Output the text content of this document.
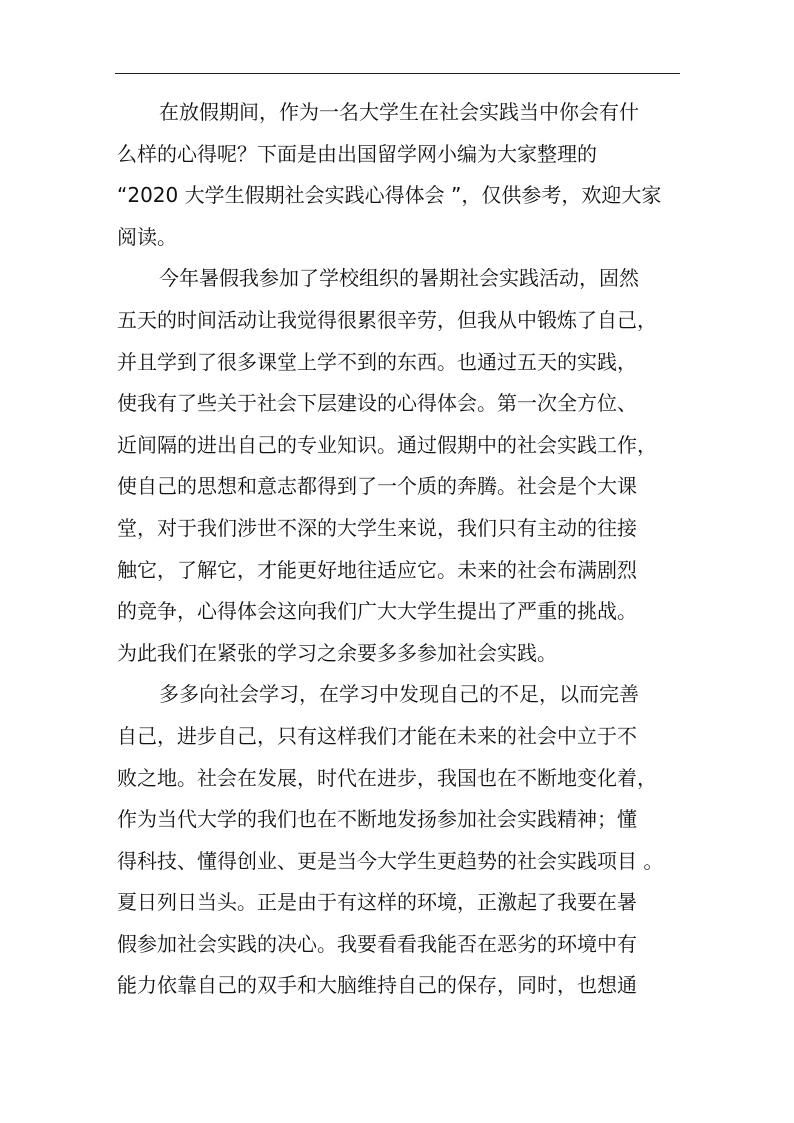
在放假期间，作为一名大学生在社会实践当中你会有什
么样的心得呢？下面是由出国留学网小编为大家整理的
“2020 大学生假期社会实践心得体会 ”，仅供参考，欢迎大家
阅读。

今年暑假我参加了学校组织的暑期社会实践活动，固然
五天的时间活动让我觉得很累很辛劳，但我从中锻炼了自己，
并且学到了很多课堂上学不到的东西。也通过五天的实践，
使我有了些关于社会下层建设的心得体会。第一次全方位、
近间隔的进出自己的专业知识。通过假期中的社会实践工作，
使自己的思想和意志都得到了一个质的奔腾。社会是个大课
堂，对于我们涉世不深的大学生来说，我们只有主动的往接
触它，了解它，才能更好地往适应它。未来的社会布满剧烈
的竞争，心得体会这向我们广大大学生提出了严重的挑战。
为此我们在紧张的学习之余要多多参加社会实践。

多多向社会学习，在学习中发现自己的不足，以而完善
自己，进步自己，只有这样我们才能在未来的社会中立于不
败之地。社会在发展，时代在进步，我国也在不断地变化着，
作为当代大学的我们也在不断地发扬参加社会实践精神；懂
得科技、懂得创业、更是当今大学生更趋势的社会实践项目 。
夏日列日当头。正是由于有这样的环境，正激起了我要在暑
假参加社会实践的决心。我要看看我能否在恶劣的环境中有
能力依靠自己的双手和大脑维持自己的保存，同时，也想通
